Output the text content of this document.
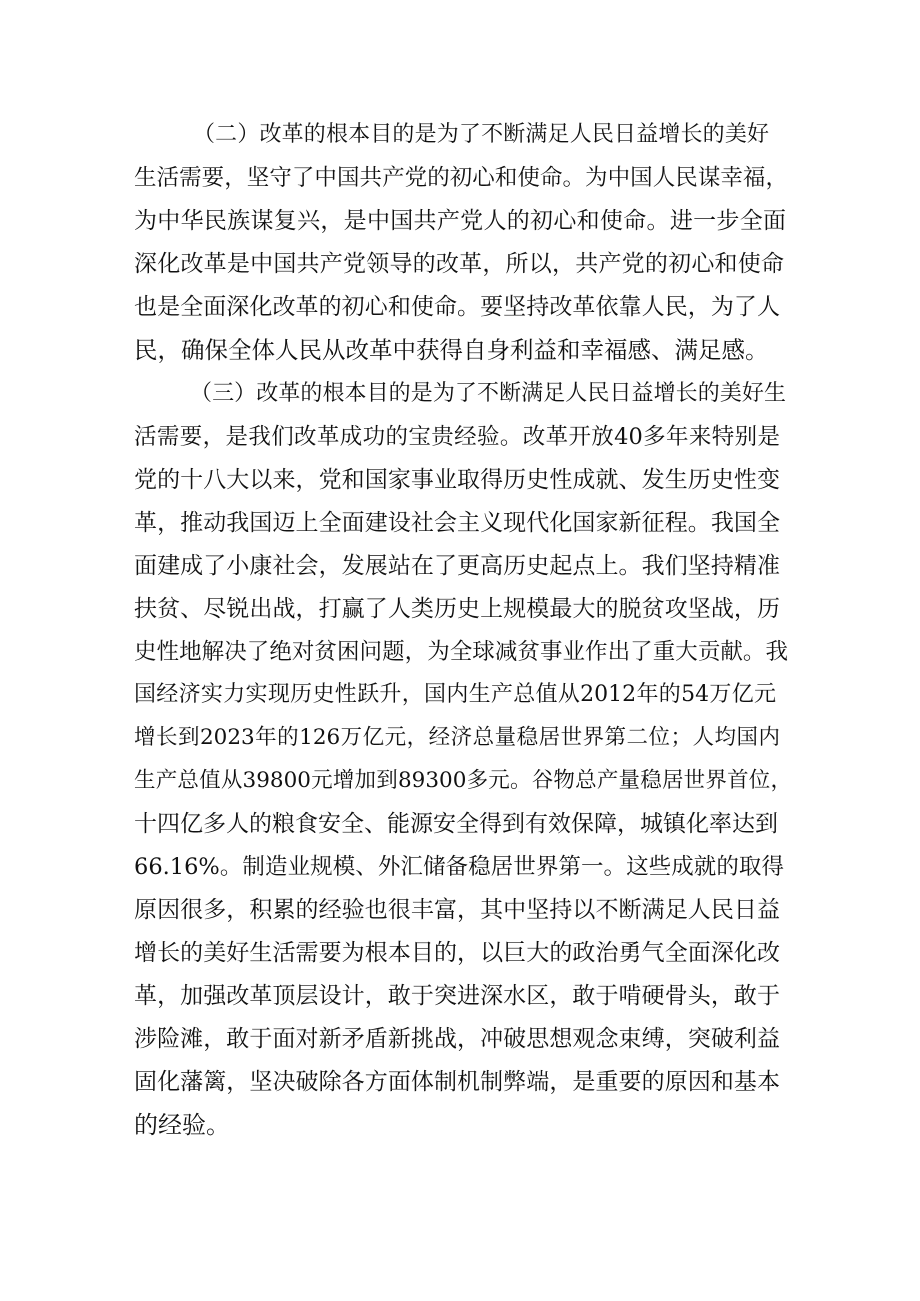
（二）改革的根本目的是为了不断满足人民日益增长的美好
生活需要，坚守了中国共产党的初心和使命。为中国人民谋幸福，
为中华民族谋复兴，是中国共产党人的初心和使命。进一步全面
深化改革是中国共产党领导的改革，所以，共产党的初心和使命
也是全面深化改革的初心和使命。要坚持改革依靠人民，为了人
民，确保全体人民从改革中获得自身利益和幸福感、满足感。
（三）改革的根本目的是为了不断满足人民日益增长的美好生
活需要，是我们改革成功的宝贵经验。改革开放40多年来特别是
党的十八大以来，党和国家事业取得历史性成就、发生历史性变
革，推动我国迈上全面建设社会主义现代化国家新征程。我国全
面建成了小康社会，发展站在了更高历史起点上。我们坚持精准
扶贫、尽锐出战，打赢了人类历史上规模最大的脱贫攻坚战，历
史性地解决了绝对贫困问题，为全球减贫事业作出了重大贡献。我
国经济实力实现历史性跃升，国内生产总值从2012年的54万亿元
增长到2023年的126万亿元，经济总量稳居世界第二位；人均国内
生产总值从39800元增加到89300多元。谷物总产量稳居世界首位，
十四亿多人的粮食安全、能源安全得到有效保障，城镇化率达到
66.16%。制造业规模、外汇储备稳居世界第一。这些成就的取得
原因很多，积累的经验也很丰富，其中坚持以不断满足人民日益
增长的美好生活需要为根本目的，以巨大的政治勇气全面深化改
革，加强改革顶层设计，敢于突进深水区，敢于啃硬骨头，敢于
涉险滩，敢于面对新矛盾新挑战，冲破思想观念束缚，突破利益
固化藩篱，坚决破除各方面体制机制弊端，是重要的原因和基本
的经验。
